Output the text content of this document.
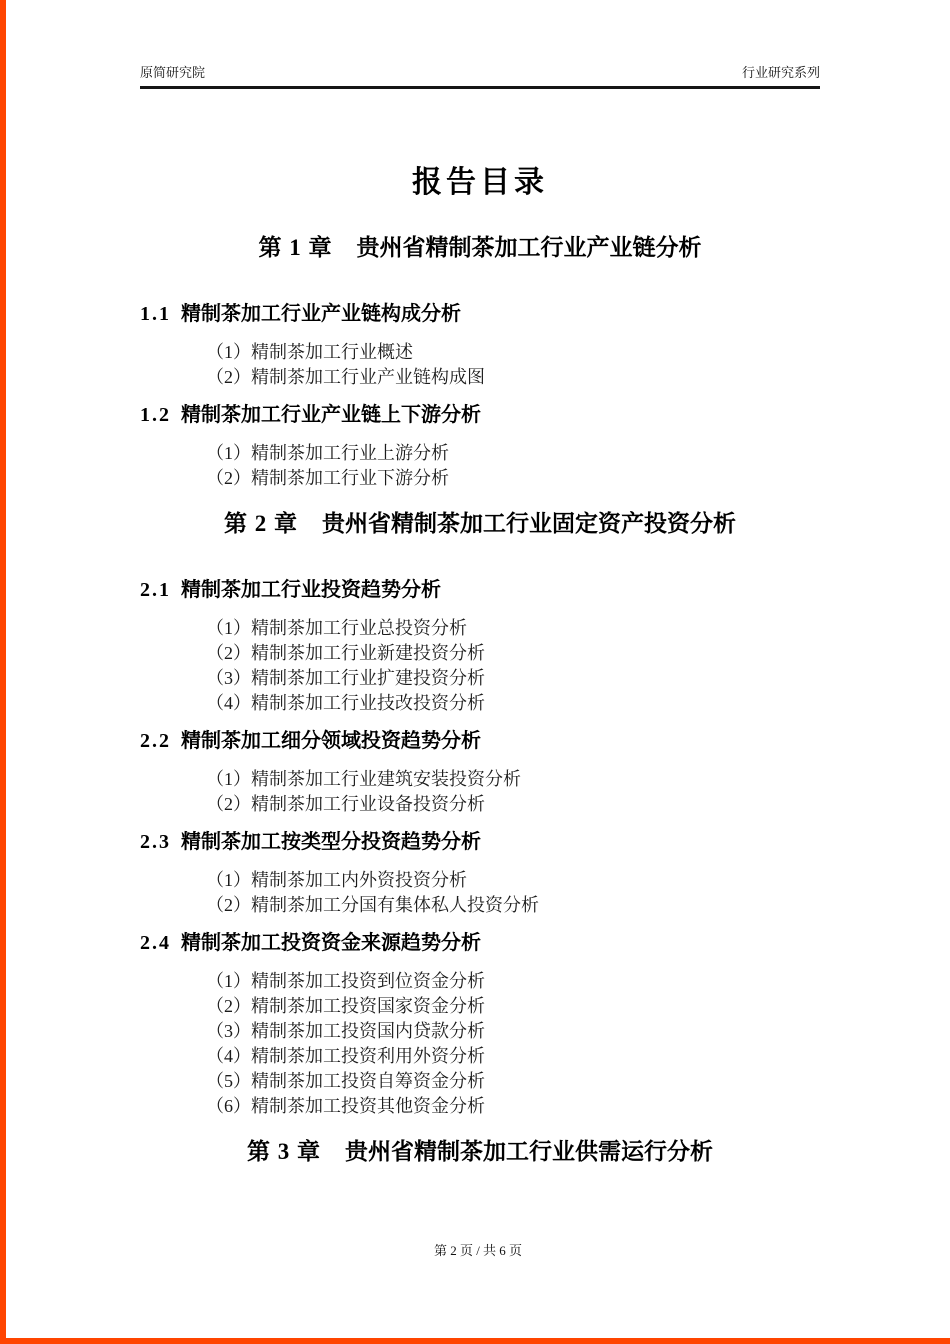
原简研究院	行业研究系列
报告目录
第 1 章 贵州省精制茶加工行业产业链分析
1.1 精制茶加工行业产业链构成分析
（1）精制茶加工行业概述
（2）精制茶加工行业产业链构成图
1.2 精制茶加工行业产业链上下游分析
（1）精制茶加工行业上游分析
（2）精制茶加工行业下游分析
第 2 章 贵州省精制茶加工行业固定资产投资分析
2.1 精制茶加工行业投资趋势分析
（1）精制茶加工行业总投资分析
（2）精制茶加工行业新建投资分析
（3）精制茶加工行业扩建投资分析
（4）精制茶加工行业技改投资分析
2.2 精制茶加工细分领域投资趋势分析
（1）精制茶加工行业建筑安装投资分析
（2）精制茶加工行业设备投资分析
2.3 精制茶加工按类型分投资趋势分析
（1）精制茶加工内外资投资分析
（2）精制茶加工分国有集体私人投资分析
2.4 精制茶加工投资资金来源趋势分析
（1）精制茶加工投资到位资金分析
（2）精制茶加工投资国家资金分析
（3）精制茶加工投资国内贷款分析
（4）精制茶加工投资利用外资分析
（5）精制茶加工投资自筹资金分析
（6）精制茶加工投资其他资金分析
第 3 章 贵州省精制茶加工行业供需运行分析
第 2 页 / 共 6 页
